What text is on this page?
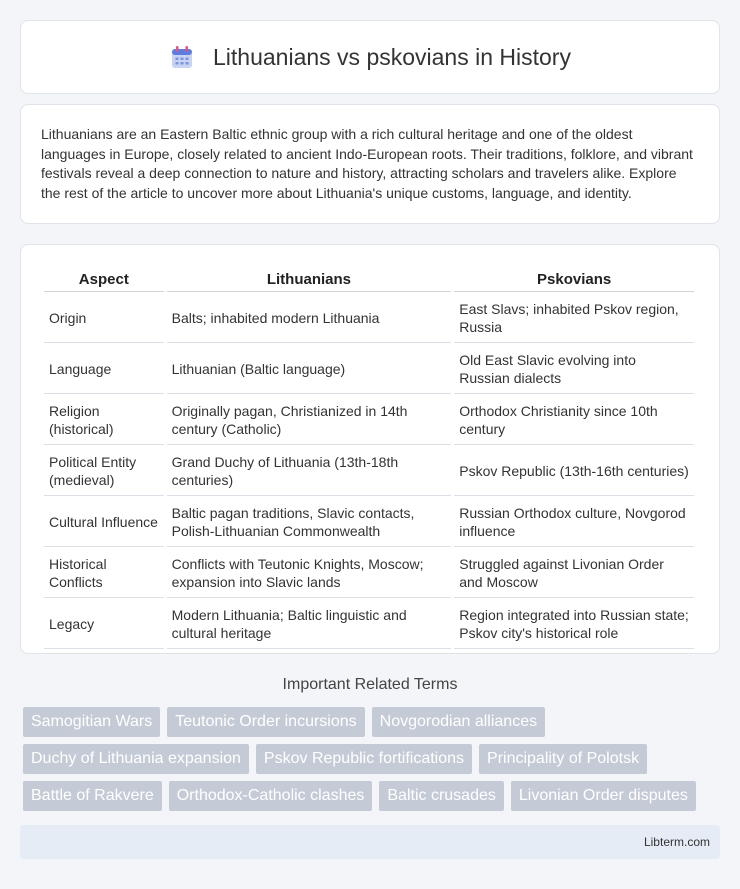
Lithuanians vs pskovians in History

Lithuanians are an Eastern Baltic ethnic group with a rich cultural heritage and one of the oldest languages in Europe, closely related to ancient Indo-European roots. Their traditions, folklore, and vibrant festivals reveal a deep connection to nature and history, attracting scholars and travelers alike. Explore the rest of the article to uncover more about Lithuania's unique customs, language, and identity.

Aspect	Lithuanians	Pskovians
Origin	Balts; inhabited modern Lithuania	East Slavs; inhabited Pskov region, Russia
Language	Lithuanian (Baltic language)	Old East Slavic evolving into Russian dialects
Religion (historical)	Originally pagan, Christianized in 14th century (Catholic)	Orthodox Christianity since 10th century
Political Entity (medieval)	Grand Duchy of Lithuania (13th-18th centuries)	Pskov Republic (13th-16th centuries)
Cultural Influence	Baltic pagan traditions, Slavic contacts, Polish-Lithuanian Commonwealth	Russian Orthodox culture, Novgorod influence
Historical Conflicts	Conflicts with Teutonic Knights, Moscow; expansion into Slavic lands	Struggled against Livonian Order and Moscow
Legacy	Modern Lithuania; Baltic linguistic and cultural heritage	Region integrated into Russian state; Pskov city's historical role
Important Related Terms
Samogitian Wars	Teutonic Order incursions	Novgorodian alliances
Duchy of Lithuania expansion	Pskov Republic fortifications	Principality of Polotsk
Battle of Rakvere	Orthodox-Catholic clashes	Baltic crusades	Livonian Order disputes
Libterm.com
